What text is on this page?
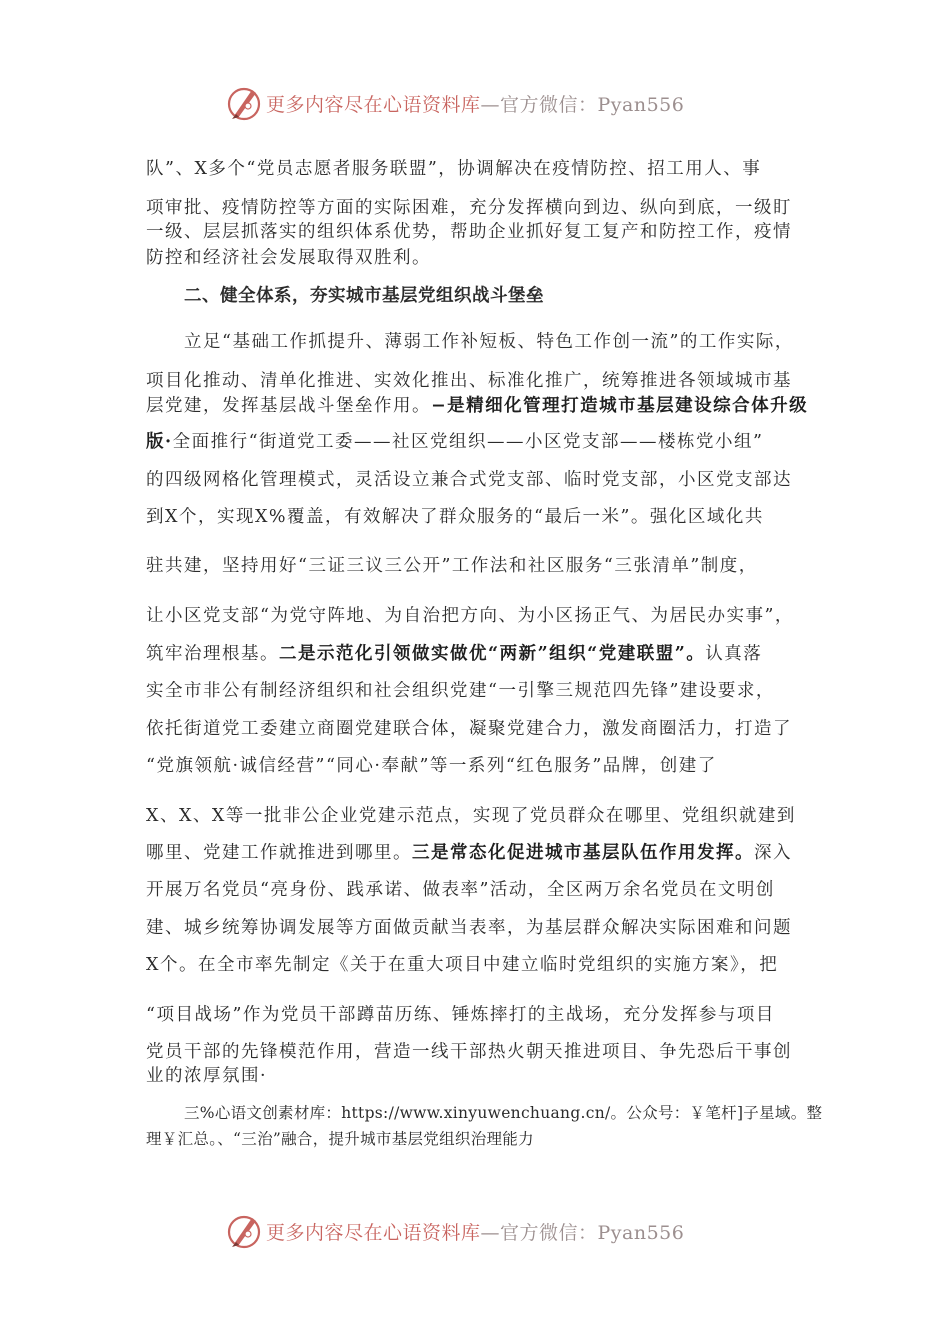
更多内容尽在心语资料库—官方微信：Pyan556
队”、X多个“党员志愿者服务联盟”，协调解决在疫情防控、招工用人、事
项审批、疫情防控等方面的实际困难，充分发挥横向到边、纵向到底，一级盯
一级、层层抓落实的组织体系优势，帮助企业抓好复工复产和防控工作，疫情
防控和经济社会发展取得双胜利。
二、健全体系，夯实城市基层党组织战斗堡垒
立足“基础工作抓提升、薄弱工作补短板、特色工作创一流”的工作实际，
项目化推动、清单化推进、实效化推出、标准化推广，统筹推进各领域城市基
层党建，发挥基层战斗堡垒作用。−是精细化管理打造城市基层建设综合体升级
版·全面推行“街道党工委——社区党组织——小区党支部——楼栋党小组”
的四级网格化管理模式，灵活设立兼合式党支部、临时党支部，小区党支部达
到X个，实现X%覆盖，有效解决了群众服务的“最后一米”。强化区域化共
驻共建，坚持用好“三证三议三公开”工作法和社区服务“三张清单”制度，
让小区党支部“为党守阵地、为自治把方向、为小区扬正气、为居民办实事”，
筑牢治理根基。二是示范化引领做实做优“两新”组织“党建联盟”。认真落
实全市非公有制经济组织和社会组织党建“一引擎三规范四先锋”建设要求，
依托街道党工委建立商圈党建联合体，凝聚党建合力，激发商圈活力，打造了
“党旗领航·诚信经营”“同心·奉献”等一系列“红色服务”品牌，创建了
X、X、X等一批非公企业党建示范点，实现了党员群众在哪里、党组织就建到
哪里、党建工作就推进到哪里。三是常态化促进城市基层队伍作用发挥。深入
开展万名党员“亮身份、践承诺、做表率”活动，全区两万余名党员在文明创
建、城乡统筹协调发展等方面做贡献当表率，为基层群众解决实际困难和问题
X个。在全市率先制定《关于在重大项目中建立临时党组织的实施方案》，把
“项目战场”作为党员干部蹲苗历练、锤炼摔打的主战场，充分发挥参与项目
党员干部的先锋模范作用，营造一线干部热火朝天推进项目、争先恐后干事创
业的浓厚氛围·
三%心语文创素材库：https://www.xinyuwenchuang.cn/。公众号：￥笔杆]子星域。整
理￥汇总。、“三治”融合，提升城市基层党组织治理能力
更多内容尽在心语资料库—官方微信：Pyan556
